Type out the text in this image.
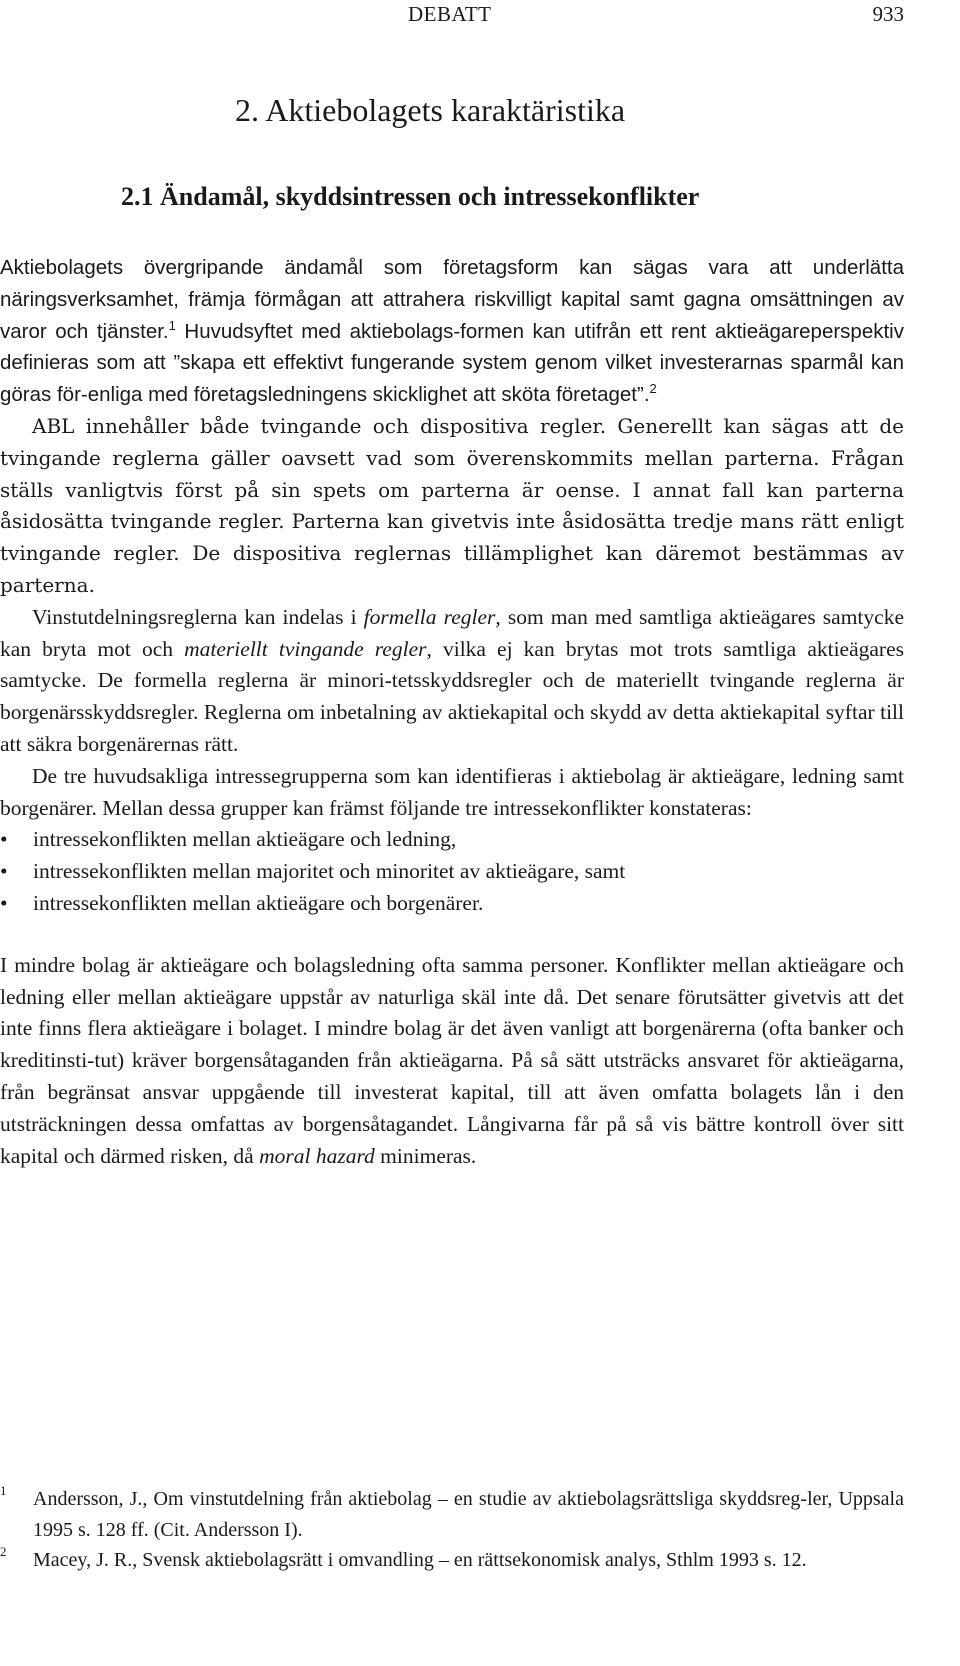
DEBATT	933
2. Aktiebolagets karaktäristika
2.1 Ändamål, skyddsintressen och intressekonflikter

Aktiebolagets övergripande ändamål som företagsform kan sägas vara att underlätta näringsverksamhet, främja förmågan att attrahera riskvilligt kapital samt gagna omsättningen av varor och tjänster.$^1$ Huvudsyftet med aktiebolags-formen kan utifrån ett rent aktieägareperspektiv definieras som att ”skapa ett effektivt fungerande system genom vilket investerarnas sparmål kan göras för-enliga med företagsledningens skicklighet att sköta företaget”.$^2$

ABL innehåller både tvingande och dispositiva regler. Generellt kan sägas att de tvingande reglerna gäller oavsett vad som överenskommits mellan parterna. Frågan ställs vanligtvis först på sin spets om parterna är oense. I annat fall kan parterna åsidosätta tvingande regler. Parterna kan givetvis inte åsidosätta tredje mans rätt enligt tvingande regler. De dispositiva reglernas tillämplighet kan däremot bestämmas av parterna.

Vinstutdelningsreglerna kan indelas i formella regler, som man med samtliga aktieägares samtycke kan bryta mot och materiellt tvingande regler, vilka ej kan brytas mot trots samtliga aktieägares samtycke. De formella reglerna är minori-tetsskyddsregler och de materiellt tvingande reglerna är borgenärsskyddsregler. Reglerna om inbetalning av aktiekapital och skydd av detta aktiekapital syftar till att säkra borgenärernas rätt.

De tre huvudsakliga intressegrupperna som kan identifieras i aktiebolag är aktieägare, ledning samt borgenärer. Mellan dessa grupper kan främst följande tre intressekonflikter konstateras:

• intressekonflikten mellan aktieägare och ledning,
• intressekonflikten mellan majoritet och minoritet av aktieägare, samt
• intressekonflikten mellan aktieägare och borgenärer.

I mindre bolag är aktieägare och bolagsledning ofta samma personer. Konflikter mellan aktieägare och ledning eller mellan aktieägare uppstår av naturliga skäl inte då. Det senare förutsätter givetvis att det inte finns flera aktieägare i bolaget. I mindre bolag är det även vanligt att borgenärerna (ofta banker och kreditinsti-tut) kräver borgensåtaganden från aktieägarna. På så sätt utsträcks ansvaret för aktieägarna, från begränsat ansvar uppgående till investerat kapital, till att även omfatta bolagets lån i den utsträckningen dessa omfattas av borgensåtagandet. Långivarna får på så vis bättre kontroll över sitt kapital och därmed risken, då moral hazard minimeras.

1 Andersson, J., Om vinstutdelning från aktiebolag – en studie av aktiebolagsrättsliga skyddsreg-ler, Uppsala 1995 s. 128 ff. (Cit. Andersson I).

2 Macey, J. R., Svensk aktiebolagsrätt i omvandling – en rättsekonomisk analys, Sthlm 1993 s. 12.
